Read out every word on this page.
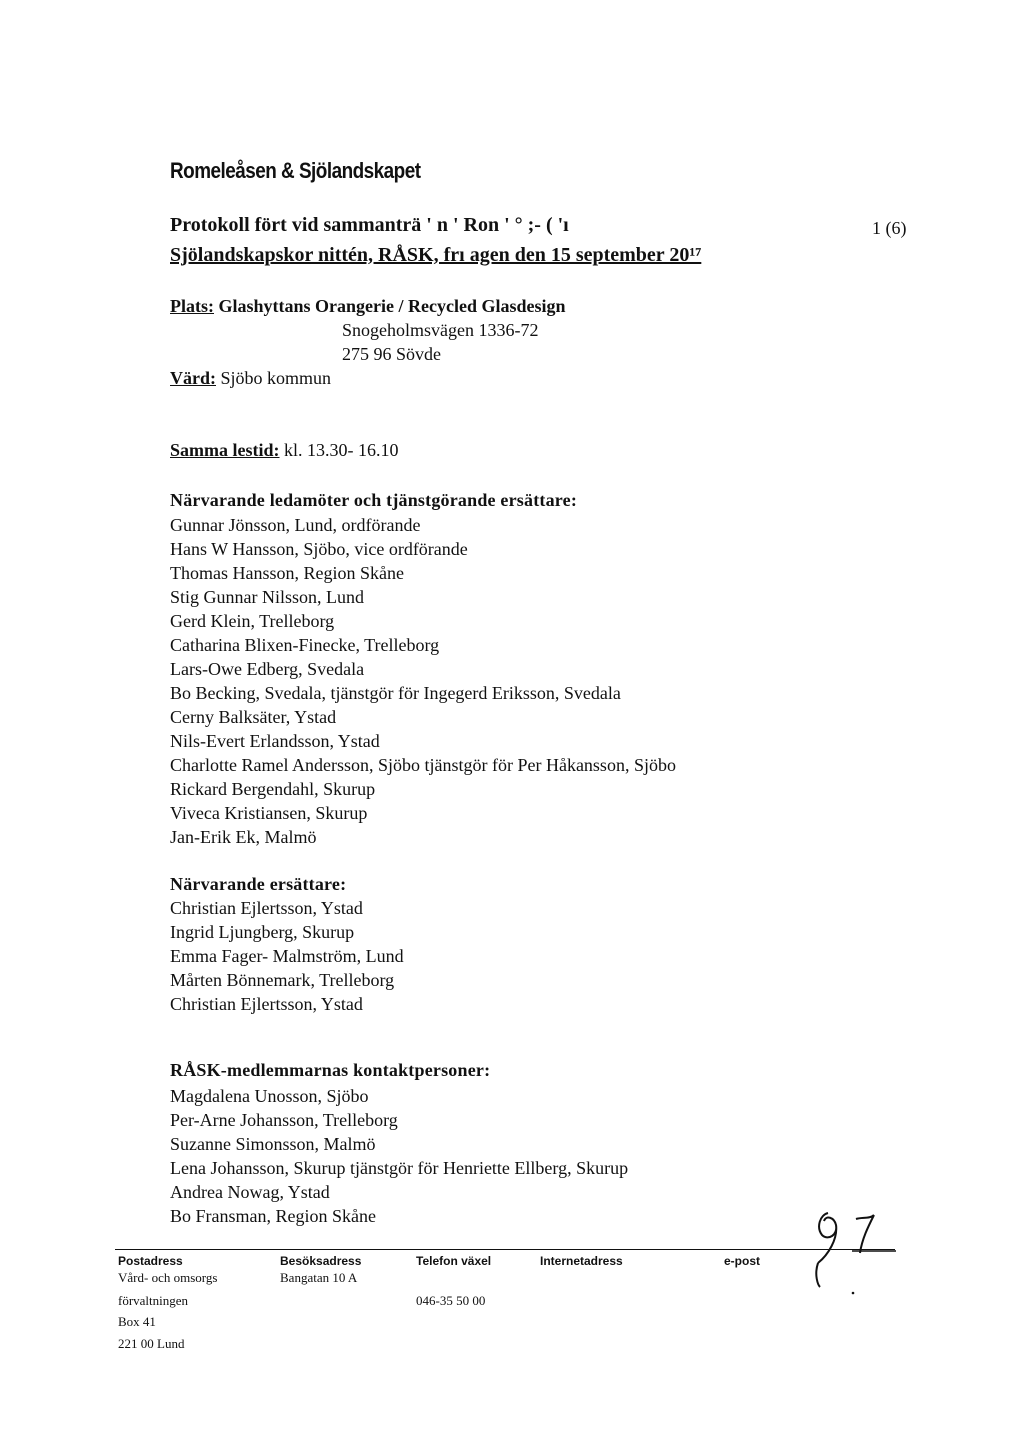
Romeleåsen & Sjölandskapet
1 (6)
Protokoll fört vid sammanträ ' n ' Ron ' ° ;- ( 'ı
Sjölandskapskor nittén, RÅSK, frı agen den 15 september 20¹⁷
Plats: Glashyttans Orangerie / Recycled Glasdesign
Snogeholmsvägen 1336-72
275 96 Sövde
Värd: Sjöbo kommun
Samma lestid: kl. 13.30- 16.10
Närvarande ledamöter och tjänstgörande ersättare:
Gunnar Jönsson, Lund, ordförande
Hans W Hansson, Sjöbo, vice ordförande
Thomas Hansson, Region Skåne
Stig Gunnar Nilsson, Lund
Gerd Klein, Trelleborg
Catharina Blixen-Finecke, Trelleborg
Lars-Owe Edberg, Svedala
Bo Becking, Svedala, tjänstgör för Ingegerd Eriksson, Svedala
Cerny Balksäter, Ystad
Nils-Evert Erlandsson, Ystad
Charlotte Ramel Andersson, Sjöbo tjänstgör för Per Håkansson, Sjöbo
Rickard Bergendahl, Skurup
Viveca Kristiansen, Skurup
Jan-Erik Ek, Malmö
Närvarande ersättare:
Christian Ejlertsson, Ystad
Ingrid Ljungberg, Skurup
Emma Fager- Malmström, Lund
Mårten Bönnemark, Trelleborg
Christian Ejlertsson, Ystad
RÅSK-medlemmarnas kontaktpersoner:
Magdalena Unosson, Sjöbo
Per-Arne Johansson, Trelleborg
Suzanne Simonsson, Malmö
Lena Johansson, Skurup tjänstgör för Henriette Ellberg, Skurup
Andrea Nowag, Ystad
Bo Fransman, Region Skåne
Postadress
Vård- och omsorgs
förvaltningen
Box 41
221 00 Lund
Besöksadress
Bangatan 10 A
Telefon växel
046-35 50 00
Internetadress	e-post
